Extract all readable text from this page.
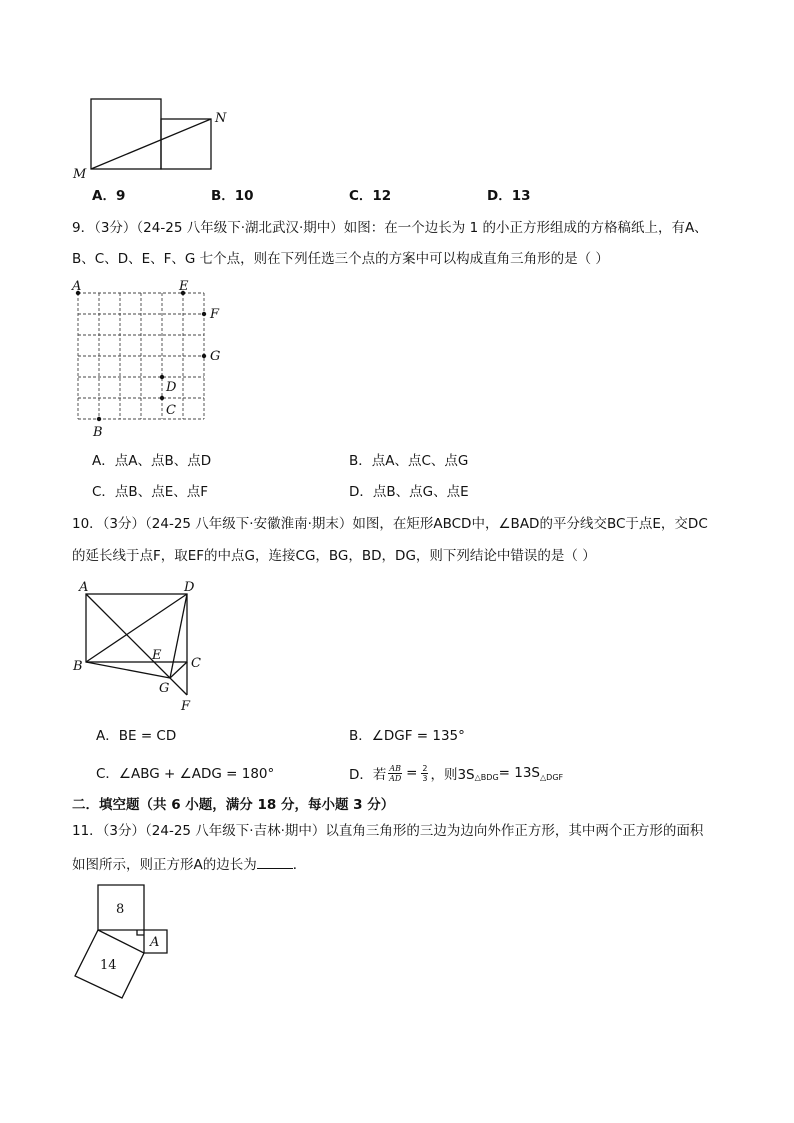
M
N
A．9	B．10	C．12	D．13
9．（3分）（24-25 八年级下·湖北武汉·期中）如图：在一个边长为 1 的小正方形组成的方格稿纸上，有A、
B、C、D、E、F、G 七个点，则在下列任选三个点的方案中可以构成直角三角形的是（ ）
A	E
F
G
D
C
B
A．点A、点B、点D	B．点A、点C、点G
C．点B、点E、点F	D．点B、点G、点E
10．（3分）（24-25 八年级下·安徽淮南·期末）如图，在矩形ABCD中，∠BAD的平分线交BC于点E，交DC
的延长线于点F，取EF的中点G，连接CG，BG，BD，DG，则下列结论中错误的是（ ）
A	D
B
E
C
G
F
A．BE = CD	B．∠DGF = 135°
C．∠ABG + ∠ADG = 180°	D．若 $\frac{AB}{AD} = \frac{2}{3}$ ，则3S △BDG = 13S △DGF
二．填空题（共 6 小题，满分 18 分，每小题 3 分）
11．（3分）（24-25 八年级下·吉林·期中）以直角三角形的三边为边向外作正方形，其中两个正方形的面积
如图所示，则正方形A的边长为	．
8
14
A
